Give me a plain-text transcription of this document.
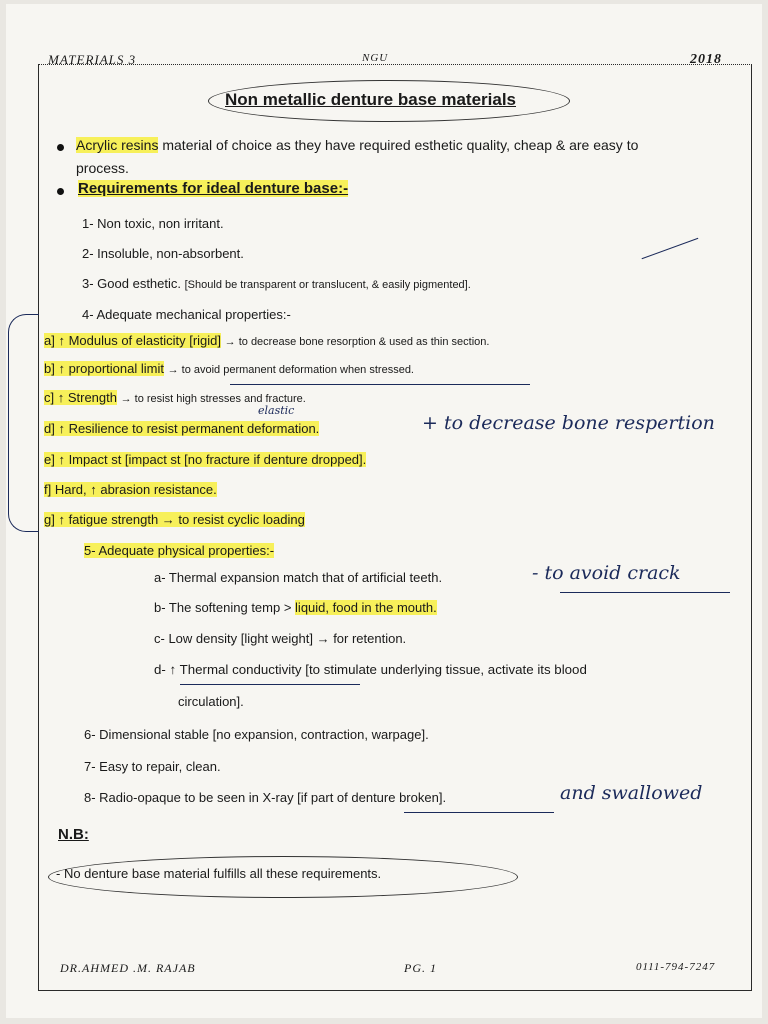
MATERIALS 3	NGU	2018
Non metallic denture base materials
Acrylic resins material of choice as they have required esthetic quality, cheap & are easy to
process.
Requirements for ideal denture base:-
1- Non toxic, non irritant.
2- Insoluble, non-absorbent.
3- Good esthetic. [Should be transparent or translucent, & easily pigmented].
4- Adequate mechanical properties:-
a] ↑ Modulus of elasticity [rigid] → to decrease bone resorption & used as thin section.
b] ↑ proportional limit → to avoid permanent deformation when stressed.
c] ↑ Strength → to resist high stresses and fracture.
d] ↑ Resilience to resist permanent deformation.
e] ↑ Impact st [impact st [no fracture if denture dropped].
f] Hard, ↑ abrasion resistance.
g] ↑ fatigue strength → to resist cyclic loading
5- Adequate physical properties:-
a- Thermal expansion match that of artificial teeth.
b- The softening temp > liquid, food in the mouth.
c- Low density [light weight] → for retention.
d- ↑ Thermal conductivity [to stimulate underlying tissue, activate its blood
circulation].
6- Dimensional stable [no expansion, contraction, warpage].
7- Easy to repair, clean.
8- Radio-opaque to be seen in X-ray [if part of denture broken].
N.B:
- No denture base material fulfills all these requirements.
+ to decrease bone respertion
elastic
- to avoid crack
and swallowed
DR.AHMED .M. RAJAB	PG. 1	0111-794-7247
